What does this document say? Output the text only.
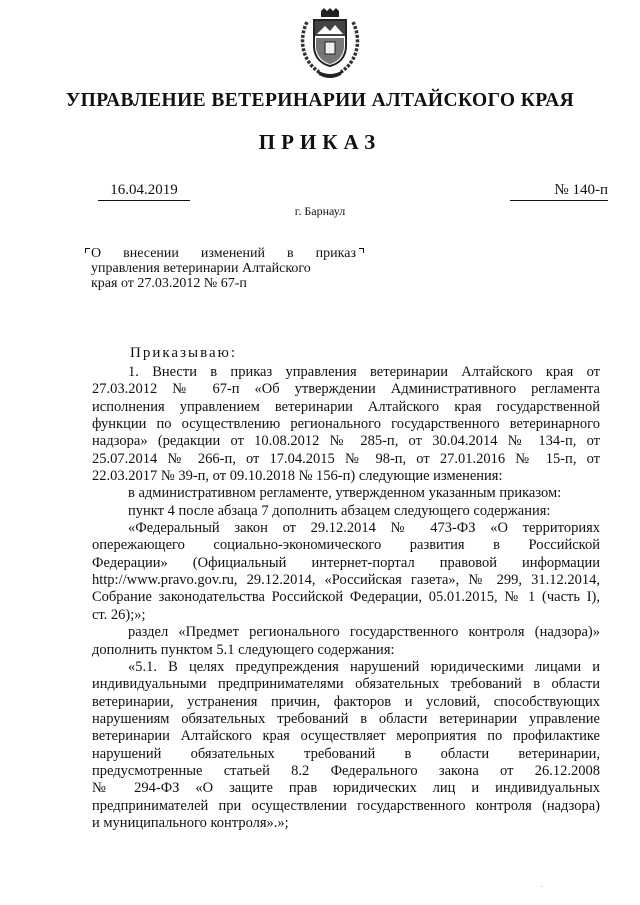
УПРАВЛЕНИЕ ВЕТЕРИНАРИИ АЛТАЙСКОГО КРАЯ
ПРИКАЗ
16.04.2019	№ 140-п
г. Барнаул
О внесении изменений в приказ
управления ветеринарии Алтайского
края от 27.03.2012 № 67-п
Приказываю:
1. Внести в приказ управления ветеринарии Алтайского края от
27.03.2012 № 67-п «Об утверждении Административного регламента
исполнения управлением ветеринарии Алтайского края государственной
функции по осуществлению регионального государственного ветеринарного
надзора» (редакции от 10.08.2012 № 285-п, от 30.04.2014 № 134-п, от
25.07.2014 № 266-п, от 17.04.2015 № 98-п, от 27.01.2016 № 15-п, от
22.03.2017 № 39-п, от 09.10.2018 № 156-п) следующие изменения:
в административном регламенте, утвержденном указанным приказом:
пункт 4 после абзаца 7 дополнить абзацем следующего содержания:
«Федеральный закон от 29.12.2014 № 473-ФЗ «О территориях
опережающего социально-экономического развития в Российской
Федерации» (Официальный интернет-портал правовой информации
http://www.pravo.gov.ru, 29.12.2014, «Российская газета», № 299, 31.12.2014,
Собрание законодательства Российской Федерации, 05.01.2015, № 1 (часть I),
ст. 26);»;
раздел «Предмет регионального государственного контроля (надзора)»
дополнить пунктом 5.1 следующего содержания:
«5.1. В целях предупреждения нарушений юридическими лицами и
индивидуальными предпринимателями обязательных требований в области
ветеринарии, устранения причин, факторов и условий, способствующих
нарушениям обязательных требований в области ветеринарии управление
ветеринарии Алтайского края осуществляет мероприятия по профилактике
нарушений обязательных требований в области ветеринарии,
предусмотренные статьей 8.2 Федерального закона от 26.12.2008
№ 294-ФЗ «О защите прав юридических лиц и индивидуальных
предпринимателей при осуществлении государственного контроля (надзора)
и муниципального контроля».»;
.
